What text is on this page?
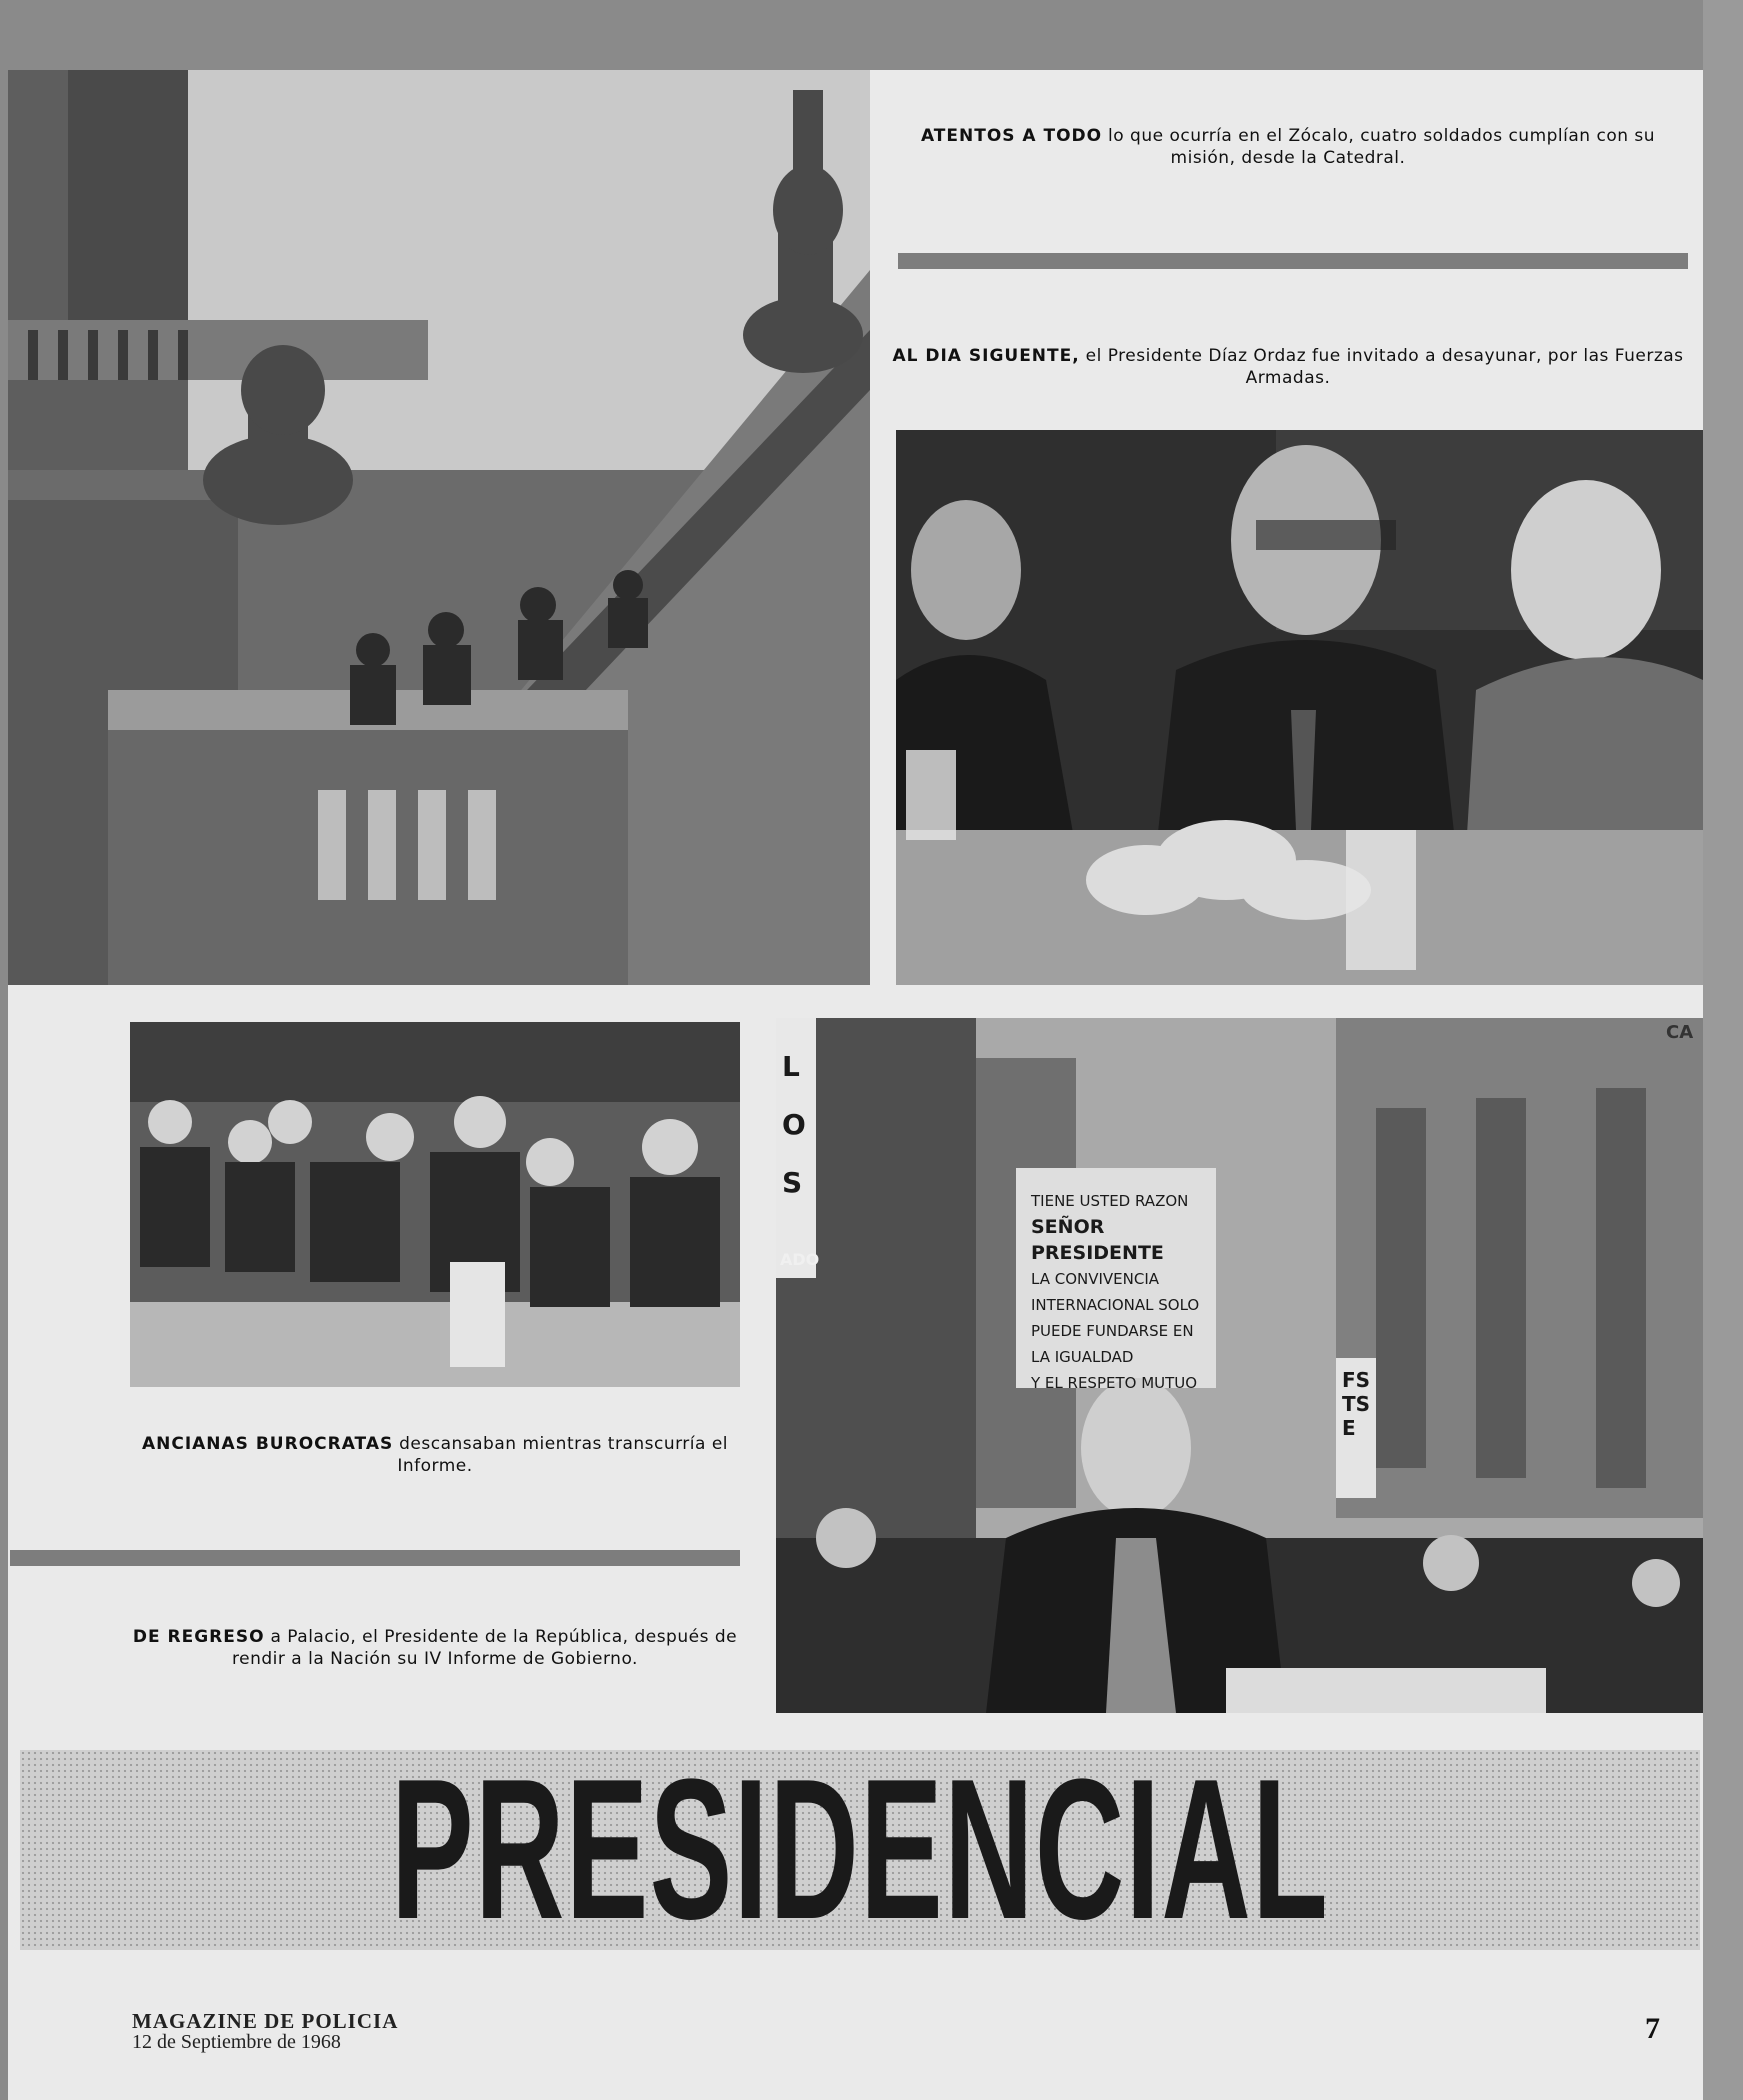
ATENTOS A TODO lo que ocurría en el Zócalo, cuatro soldados cumplían con su misión, desde la Catedral.
AL DIA SIGUENTE, el Presidente Díaz Ordaz fue invitado a desayunar, por las Fuerzas Armadas.
ANCIANAS BUROCRATAS descansaban mientras transcurría el Informe.
DE REGRESO a Palacio, el Presidente de la República, después de rendir a la Nación su IV Informe de Gobierno.
TIENE USTED RAZON
SEÑOR PRESIDENTE
LA CONVIVENCIA
INTERNACIONAL SOLO
PUEDE FUNDARSE EN
LA IGUALDAD
Y EL RESPETO MUTUO
LOS
ADO
FSTSE
CA
PRESIDENCIAL
MAGAZINE DE POLICIA
12 de Septiembre de 1968	7
